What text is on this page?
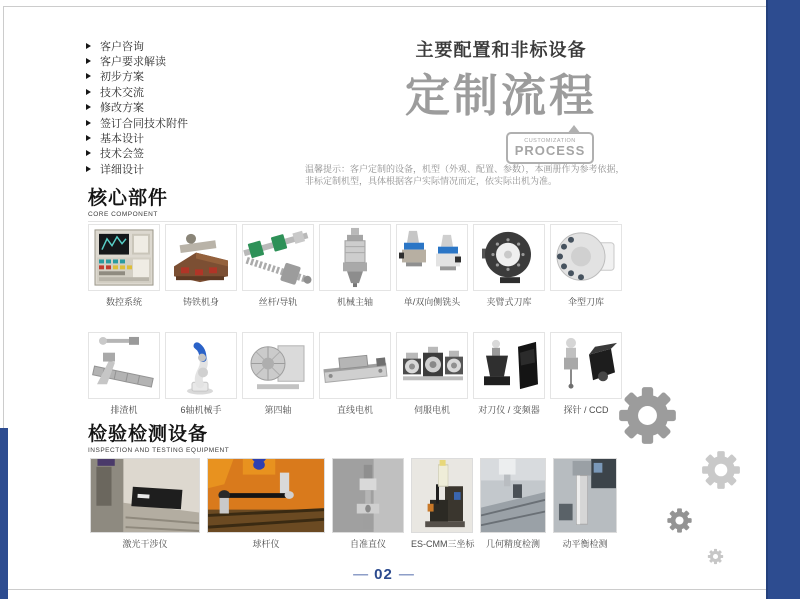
客户咨询
客户要求解读
初步方案
技术交流
修改方案
签订合同技术附件
基本设计
技术会签
详细设计
主要配置和非标设备
定制流程
CUSTOMIZATION
PROCESS
温馨提示：客户定制的设备，机型（外观、配置、参数），本画册作为参考依据，
非标定制机型，具体根据客户实际情况而定，依实际出机为准。
核心部件
CORE COMPONENT
数控系统	铸铁机身	丝杆/导轨	机械主轴	单/双向侧铣头	夹臂式刀库	伞型刀库
排渣机	6轴机械手	第四轴	直线电机	伺服电机	对刀仪 / 变频器	探针 / CCD
检验检测设备
INSPECTION AND TESTING EQUIPMENT
激光干涉仪	球杆仪	自准直仪	ES-CMM三坐标	几何精度检测	动平衡检测
— 02 —
